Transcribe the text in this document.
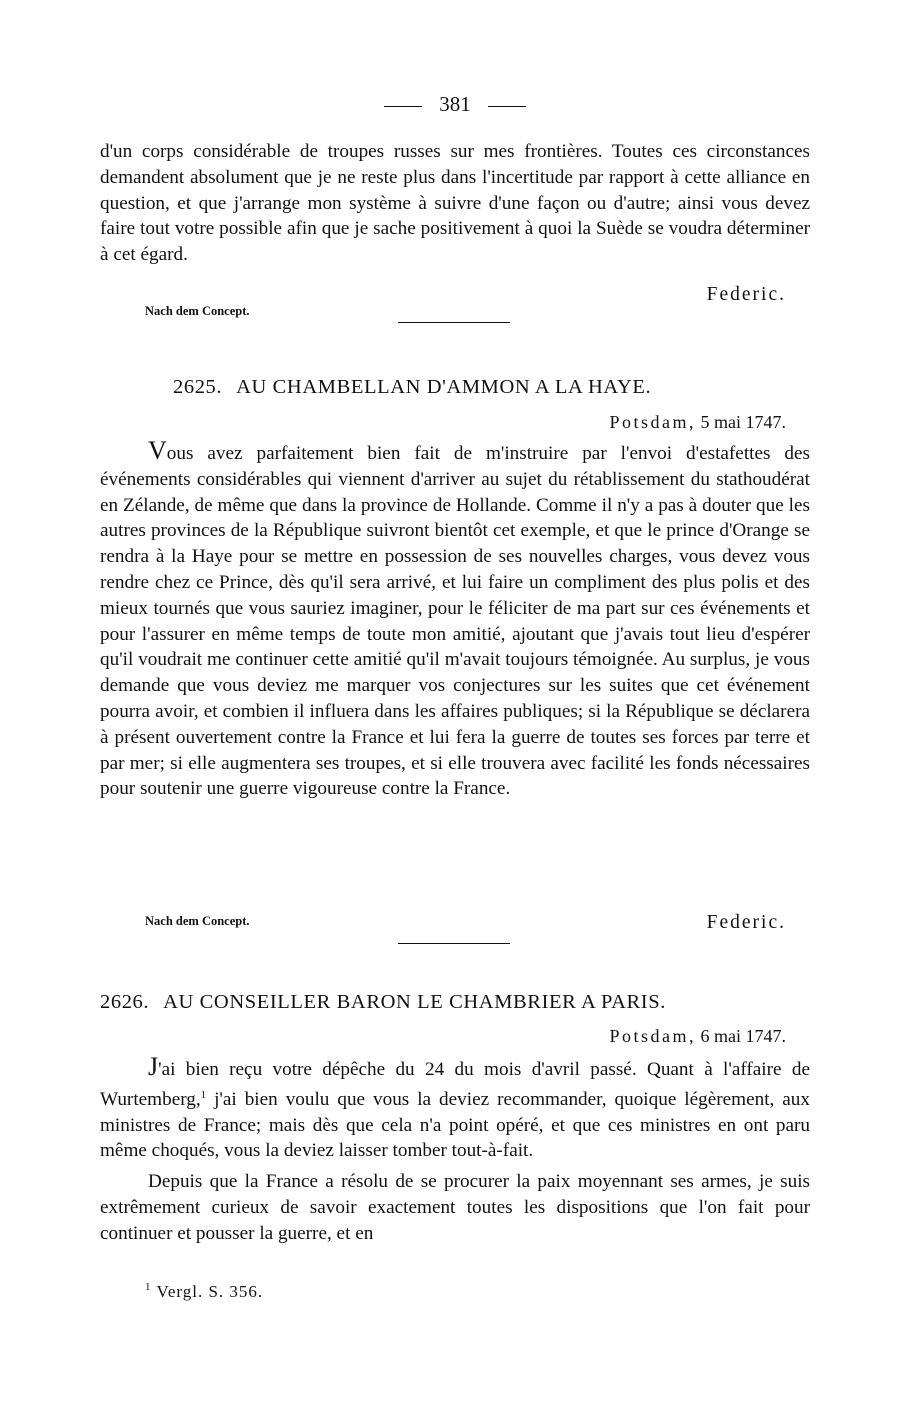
381

d'un corps considérable de troupes russes sur mes frontières. Toutes ces circonstances demandent absolument que je ne reste plus dans l'incertitude par rapport à cette alliance en question, et que j'arrange mon système à suivre d'une façon ou d'autre; ainsi vous devez faire tout votre possible afin que je sache positivement à quoi la Suède se voudra déterminer à cet égard.

Federic.
Nach dem Concept.
2625. AU CHAMBELLAN D'AMMON A LA HAYE.
Potsdam, 5 mai 1747.

Vous avez parfaitement bien fait de m'instruire par l'envoi d'estafettes des événements considérables qui viennent d'arriver au sujet du rétablissement du stathoudérat en Zélande, de même que dans la province de Hollande. Comme il n'y a pas à douter que les autres provinces de la République suivront bientôt cet exemple, et que le prince d'Orange se rendra à la Haye pour se mettre en possession de ses nouvelles charges, vous devez vous rendre chez ce Prince, dès qu'il sera arrivé, et lui faire un compliment des plus polis et des mieux tournés que vous sauriez imaginer, pour le féliciter de ma part sur ces événements et pour l'assurer en même temps de toute mon amitié, ajoutant que j'avais tout lieu d'espérer qu'il voudrait me continuer cette amitié qu'il m'avait toujours témoignée. Au surplus, je vous demande que vous deviez me marquer vos conjectures sur les suites que cet événement pourra avoir, et combien il influera dans les affaires publiques; si la République se déclarera à présent ouvertement contre la France et lui fera la guerre de toutes ses forces par terre et par mer; si elle augmentera ses troupes, et si elle trouvera avec facilité les fonds nécessaires pour soutenir une guerre vigoureuse contre la France.

Nach dem Concept.	Federic.
2626. AU CONSEILLER BARON LE CHAMBRIER A PARIS.
Potsdam, 6 mai 1747.

J'ai bien reçu votre dépêche du 24 du mois d'avril passé. Quant à l'affaire de Wurtemberg,$^1$ j'ai bien voulu que vous la deviez recommander, quoique légèrement, aux ministres de France; mais dès que cela n'a point opéré, et que ces ministres en ont paru même choqués, vous la deviez laisser tomber tout-à-fait.

Depuis que la France a résolu de se procurer la paix moyennant ses armes, je suis extrêmement curieux de savoir exactement toutes les dispositions que l'on fait pour continuer et pousser la guerre, et en

$^1$ Vergl. S. 356.
